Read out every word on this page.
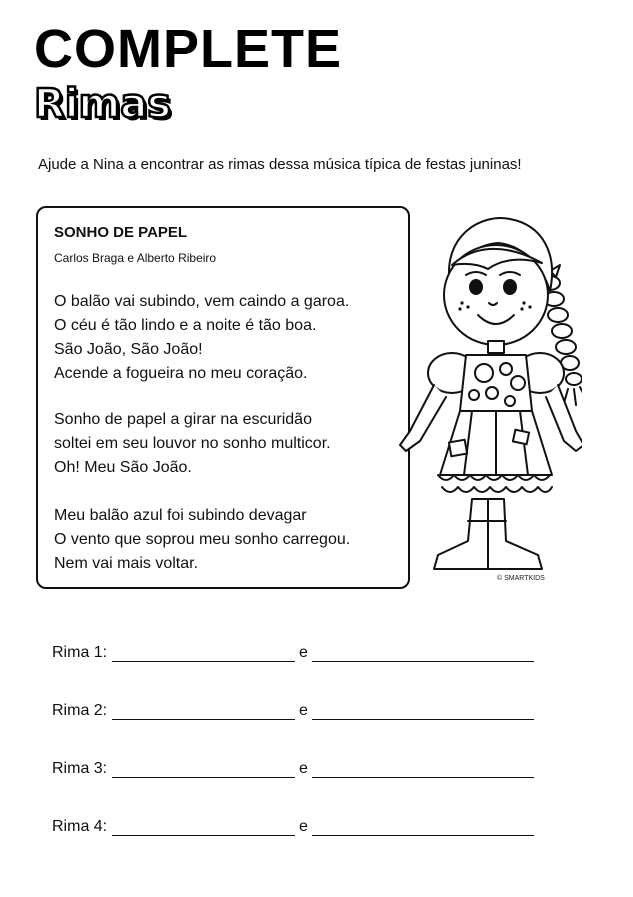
COMPLETE
Rimas

Ajude a Nina a encontrar as rimas dessa música típica de festas juninas!

SONHO DE PAPEL

Carlos Braga e Alberto Ribeiro

O balão vai subindo, vem caindo a garoa.

O céu é tão lindo e a noite é tão boa.

São João, São João!

Acende a fogueira no meu coração.

Sonho de papel a girar na escuridão

soltei em seu louvor no sonho multicor.

Oh! Meu São João.

Meu balão azul foi subindo devagar

O vento que soprou meu sonho carregou.

Nem vai mais voltar.

© SMARTKIDS

Rima 1:	e
Rima 2:	e
Rima 3:	e
Rima 4:	e
